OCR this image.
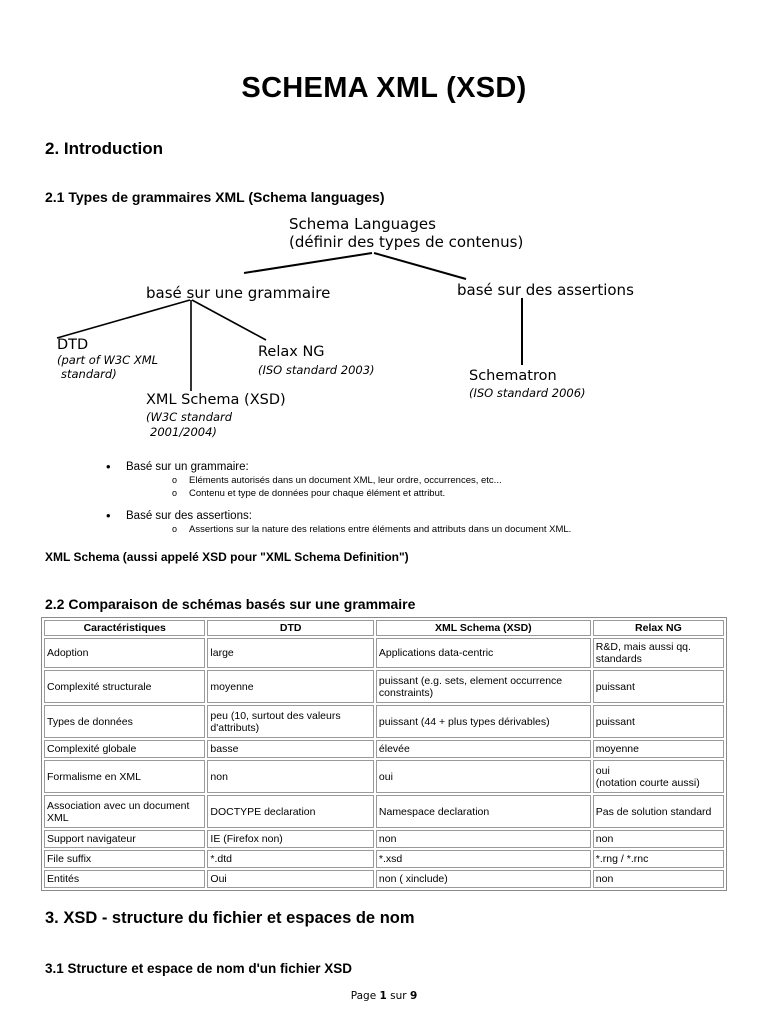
SCHEMA XML (XSD)
2. Introduction
2.1 Types de grammaires XML (Schema languages)
Schema Languages
(définir des types de contenus)
basé sur une grammaire	basé sur des assertions
DTD
(part of W3C XML
standard)
Relax NG
(ISO standard 2003)
XML Schema (XSD)
(W3C standard
2001/2004)
Schematron
(ISO standard 2006)
• Basé sur un grammaire:
o Eléments autorisés dans un document XML, leur ordre, occurrences, etc...
o Contenu et type de données pour chaque élément et attribut.
• Basé sur des assertions:
o Assertions sur la nature des relations entre éléments and attributs dans un document XML.
XML Schema (aussi appelé XSD pour "XML Schema Definition")
2.2 Comparaison de schémas basés sur une grammaire
Caractéristiques	DTD	XML Schema (XSD)	Relax NG
Adoption	large	Applications data-centric	R&D, mais aussi qq. standards
Complexité structurale	moyenne	puissant (e.g. sets, element occurrence constraints)	puissant
Types de données	peu (10, surtout des valeurs d'attributs)	puissant (44 + plus types dérivables)	puissant
Complexité globale	basse	élevée	moyenne
Formalisme en XML	non	oui	oui
(notation courte aussi)
Association avec un document XML	DOCTYPE declaration	Namespace declaration	Pas de solution standard
Support navigateur	IE (Firefox non)	non	non
File suffix	*.dtd	*.xsd	*.rng / *.rnc
Entités	Oui	non ( xinclude)	non
3. XSD - structure du fichier et espaces de nom
3.1 Structure et espace de nom d'un fichier XSD
Page 1 sur 9
